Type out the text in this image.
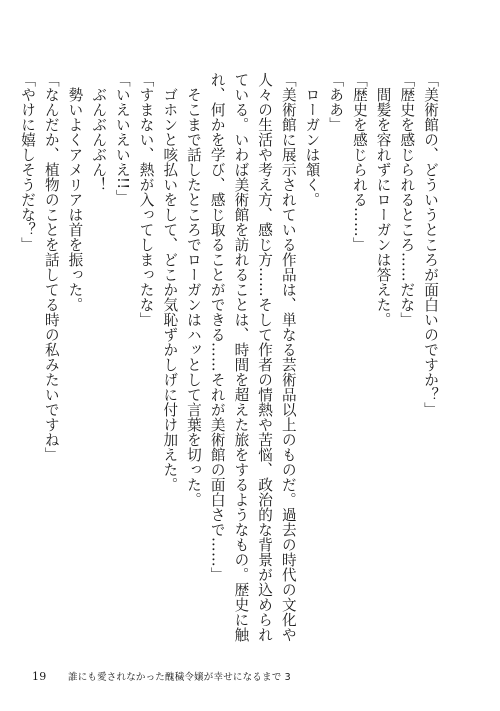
「美術館の、どういうところが面白いのですか？」

「歴史を感じられるところ……だな」

　間髪を容れずにローガンは答えた。

「歴史を感じられる……」

「ああ」

　ローガンは頷く。

「美術館に展示されている作品は、単なる芸術品以上のものだ。過去の時代の文化や人々の生活や考え方、感じ方……そして作者の情熱や苦悩、政治的な背景が込められている。いわば美術館を訪れることは、時間を超えた旅をするようなもの。歴史に触れ、何かを学び、感じ取ることができる……それが美術館の面白さで……」

　そこまで話したところでローガンはハッとして言葉を切った。

　ゴホンと咳払いをして、どこか気恥ずかしげに付け加えた。

「すまない、熱が入ってしまったな」

「いえいえいえ!!」

　ぶんぶんぶん！

　勢いよくアメリアは首を振った。

「なんだか、植物のことを話してる時の私みたいですね」

「やけに嬉しそうだな？」

19	誰にも愛されなかった醜穢令嬢が幸せになるまで 3
